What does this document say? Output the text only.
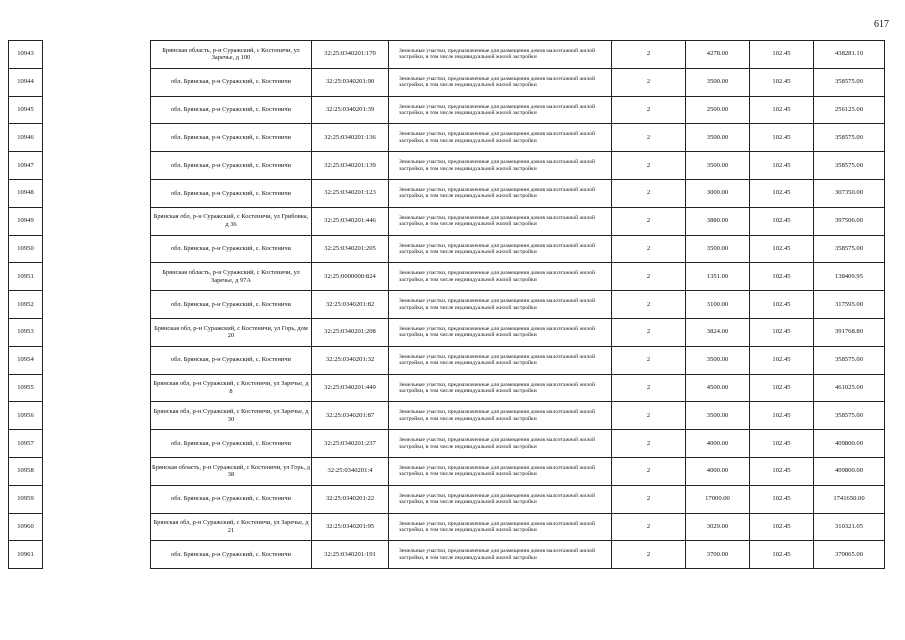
617
10943		Брянская область, р-н Суражский, с Костеничи, ул Заречье, д 100	32:25:0340201:170	Земельные участки, предназначенные для размещения домов малоэтажной жилой застройки, в том числе индивидуальной жилой застройки	2	4278.00	102.45	438281.10
10944		обл. Брянская, р-н Суражский, с. Костеничи	32:25:0340201:90	Земельные участки, предназначенные для размещения домов малоэтажной жилой застройки, в том числе индивидуальной жилой застройки	2	3500.00	102.45	358575.00
10945		обл. Брянская, р-н Суражский, с. Костеничи	32:25:0340201:39	Земельные участки, предназначенные для размещения домов малоэтажной жилой застройки, в том числе индивидуальной жилой застройки	2	2500.00	102.45	256125.00
10946		обл. Брянская, р-н Суражский, с. Костеничи	32:25:0340201:136	Земельные участки, предназначенные для размещения домов малоэтажной жилой застройки, в том числе индивидуальной жилой застройки	2	3500.00	102.45	358575.00
10947		обл. Брянская, р-н Суражский, с. Костеничи	32:25:0340201:139	Земельные участки, предназначенные для размещения домов малоэтажной жилой застройки, в том числе индивидуальной жилой застройки	2	3500.00	102.45	358575.00
10948		обл. Брянская, р-н Суражский, с. Костеничи	32:25:0340201:123	Земельные участки, предназначенные для размещения домов малоэтажной жилой застройки, в том числе индивидуальной жилой застройки	2	3000.00	102.45	307350.00
10949		Брянская обл, р-н Суражский, с Костеничи, ул Грибовка, д 36	32:25:0340201:446	Земельные участки, предназначенные для размещения домов малоэтажной жилой застройки, в том числе индивидуальной жилой застройки	2	3880.00	102.45	397506.00
10950		обл. Брянская, р-н Суражский, с. Костеничи	32:25:0340201:205	Земельные участки, предназначенные для размещения домов малоэтажной жилой застройки, в том числе индивидуальной жилой застройки	2	3500.00	102.45	358575.00
10951		Брянская область, р-н Суражский, с Костеничи, ул Заречье, д 97А	32:25:0000000:824	Земельные участки, предназначенные для размещения домов малоэтажной жилой застройки, в том числе индивидуальной жилой застройки	2	1351.00	102.45	138409.95
10952		обл. Брянская, р-н Суражский, с. Костеничи	32:25:0340201:82	Земельные участки, предназначенные для размещения домов малоэтажной жилой застройки, в том числе индивидуальной жилой застройки	2	3100.00	102.45	317595.00
10953		Брянская обл, р-н Суражский, с Костеничи, ул Горь, дом 20	32:25:0340201:208	Земельные участки, предназначенные для размещения домов малоэтажной жилой застройки, в том числе индивидуальной жилой застройки	2	3824.00	102.45	391768.80
10954		обл. Брянская, р-н Суражский, с. Костеничи	32:25:0340201:32	Земельные участки, предназначенные для размещения домов малоэтажной жилой застройки, в том числе индивидуальной жилой застройки	2	3500.00	102.45	358575.00
10955		Брянская обл, р-н Суражский, с Костеничи, ул Заречье, д 8	32:25:0340201:449	Земельные участки, предназначенные для размещения домов малоэтажной жилой застройки, в том числе индивидуальной жилой застройки	2	4500.00	102.45	461025.00
10956		Брянская обл, р-н Суражский, с Костеничи, ул Заречье, д 30	32:25:0340201:87	Земельные участки, предназначенные для размещения домов малоэтажной жилой застройки, в том числе индивидуальной жилой застройки	2	3500.00	102.45	358575.00
10957		обл. Брянская, р-н Суражский, с. Костеничи	32:25:0340201:237	Земельные участки, предназначенные для размещения домов малоэтажной жилой застройки, в том числе индивидуальной жилой застройки	2	4000.00	102.45	409800.00
10958		Брянская область, р-н Суражский, с Костеничи, ул Горь, д 38	32:25:0340201:4	Земельные участки, предназначенные для размещения домов малоэтажной жилой застройки, в том числе индивидуальной жилой застройки	2	4000.00	102.45	409800.00
10959		обл. Брянская, р-н Суражский, с. Костеничи	32:25:0340201:22	Земельные участки, предназначенные для размещения домов малоэтажной жилой застройки, в том числе индивидуальной жилой застройки	2	17000.00	102.45	1741650.00
10960		Брянская обл, р-н Суражский, с Костеничи, ул Заречье, д 21	32:25:0340201:95	Земельные участки, предназначенные для размещения домов малоэтажной жилой застройки, в том числе индивидуальной жилой застройки	2	3029.00	102.45	310321.05
10961		обл. Брянская, р-н Суражский, с. Костеничи	32:25:0340201:191	Земельные участки, предназначенные для размещения домов малоэтажной жилой застройки, в том числе индивидуальной жилой застройки	2	3700.00	102.45	379065.00
